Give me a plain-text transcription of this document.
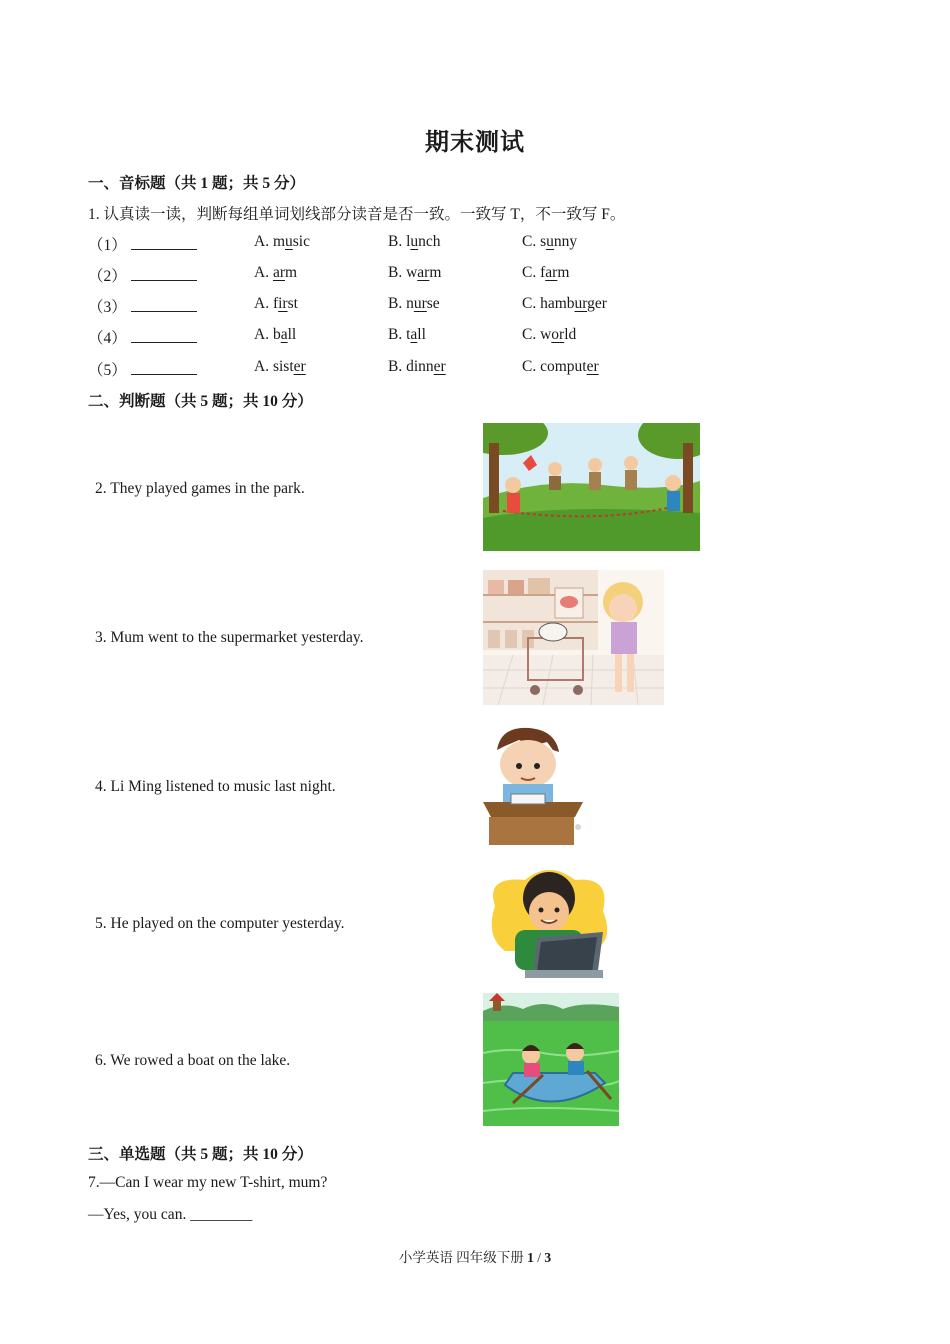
期末测试
一、音标题（共 1 题；共 5 分）
1. 认真读一读，判断每组单词划线部分读音是否一致。一致写 T，不一致写 F。
（1）	A. music	B. lunch	C. sunny
（2）	A. arm	B. warm	C. farm
（3）	A. first	B. nurse	C. hamburger
（4）	A. ball	B. tall	C. world
（5）	A. sister	B. dinner	C. computer
二、判断题（共 5 题；共 10 分）
2. They played games in the park.
3. Mum went to the supermarket yesterday.
4. Li Ming listened to music last night.
5. He played on the computer yesterday.
6. We rowed a boat on the lake.
三、单选题（共 5 题；共 10 分）
7.—Can I wear my new T-shirt, mum?
—Yes, you can. ________
小学英语 四年级下册 1 / 3
